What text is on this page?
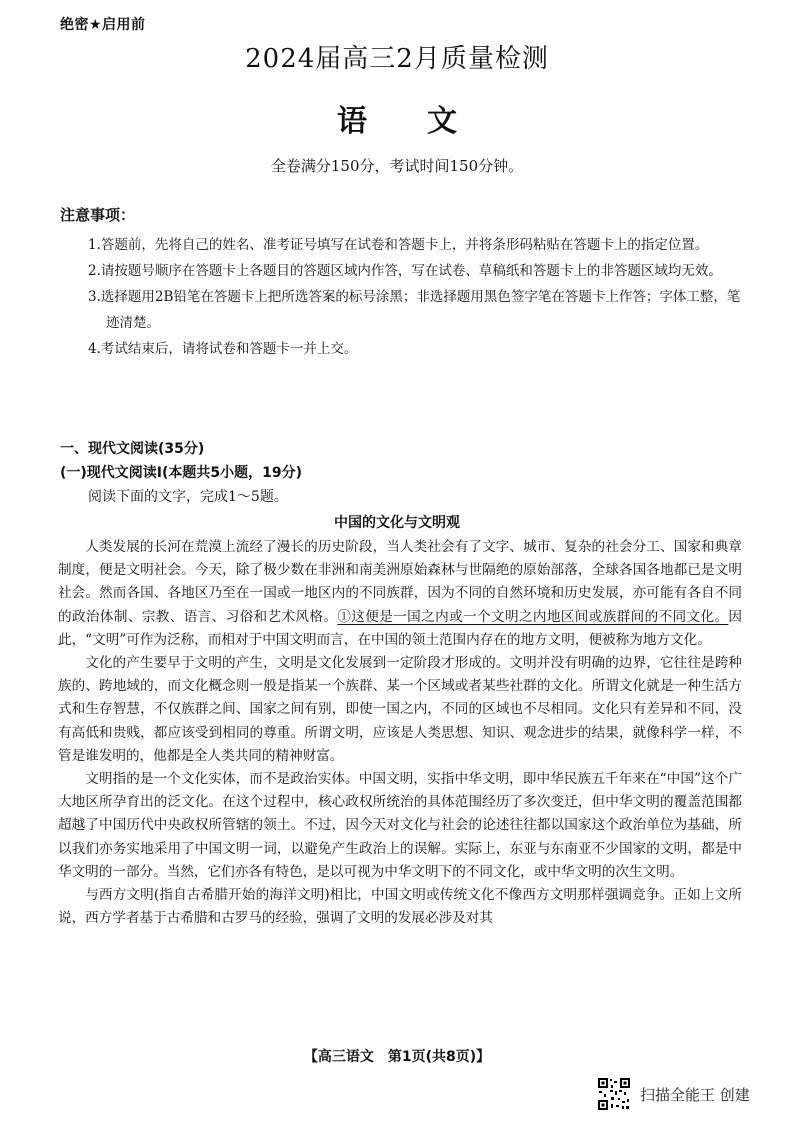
绝密★启用前
2024届高三2月质量检测
语 文
全卷满分150分，考试时间150分钟。
注意事项：

1.答题前，先将自己的姓名、准考证号填写在试卷和答题卡上，并将条形码粘贴在答题卡上的指定位置。

2.请按题号顺序在答题卡上各题目的答题区域内作答，写在试卷、草稿纸和答题卡上的非答题区域均无效。

3.选择题用2B铅笔在答题卡上把所选答案的标号涂黑；非选择题用黑色签字笔在答题卡上作答；字体工整，笔迹清楚。

4.考试结束后，请将试卷和答题卡一并上交。

一、现代文阅读(35分)
(一)现代文阅读Ⅰ(本题共5小题，19分)
阅读下面的文字，完成1～5题。
中国的文化与文明观

人类发展的长河在荒漠上流经了漫长的历史阶段，当人类社会有了文字、城市、复杂的社会分工、国家和典章制度，便是文明社会。今天，除了极少数在非洲和南美洲原始森林与世隔绝的原始部落，全球各国各地都已是文明社会。然而各国、各地区乃至在一国或一地区内的不同族群，因为不同的自然环境和历史发展，亦可能有各自不同的政治体制、宗教、语言、习俗和艺术风格。①这便是一国之内或一个文明之内地区间或族群间的不同文化。因此，“文明”可作为泛称，而相对于中国文明而言，在中国的领土范围内存在的地方文明，便被称为地方文化。

文化的产生要早于文明的产生，文明是文化发展到一定阶段才形成的。文明并没有明确的边界，它往往是跨种族的、跨地域的，而文化概念则一般是指某一个族群、某一个区域或者某些社群的文化。所谓文化就是一种生活方式和生存智慧，不仅族群之间、国家之间有别，即使一国之内，不同的区域也不尽相同。文化只有差异和不同，没有高低和贵贱，都应该受到相同的尊重。所谓文明，应该是人类思想、知识、观念进步的结果，就像科学一样，不管是谁发明的，他都是全人类共同的精神财富。

文明指的是一个文化实体，而不是政治实体。中国文明，实指中华文明，即中华民族五千年来在“中国”这个广大地区所孕育出的泛文化。在这个过程中，核心政权所统治的具体范围经历了多次变迁，但中华文明的覆盖范围都超越了中国历代中央政权所管辖的领土。不过，因今天对文化与社会的论述往往都以国家这个政治单位为基础，所以我们亦务实地采用了中国文明一词，以避免产生政治上的误解。实际上，东亚与东南亚不少国家的文明，都是中华文明的一部分。当然，它们亦各有特色，是以可视为中华文明下的不同文化，或中华文明的次生文明。

与西方文明(指自古希腊开始的海洋文明)相比，中国文明或传统文化不像西方文明那样强调竞争。正如上文所说，西方学者基于古希腊和古罗马的经验，强调了文明的发展必涉及对其

【高三语文　第1页(共8页)】
扫描全能王 创建
